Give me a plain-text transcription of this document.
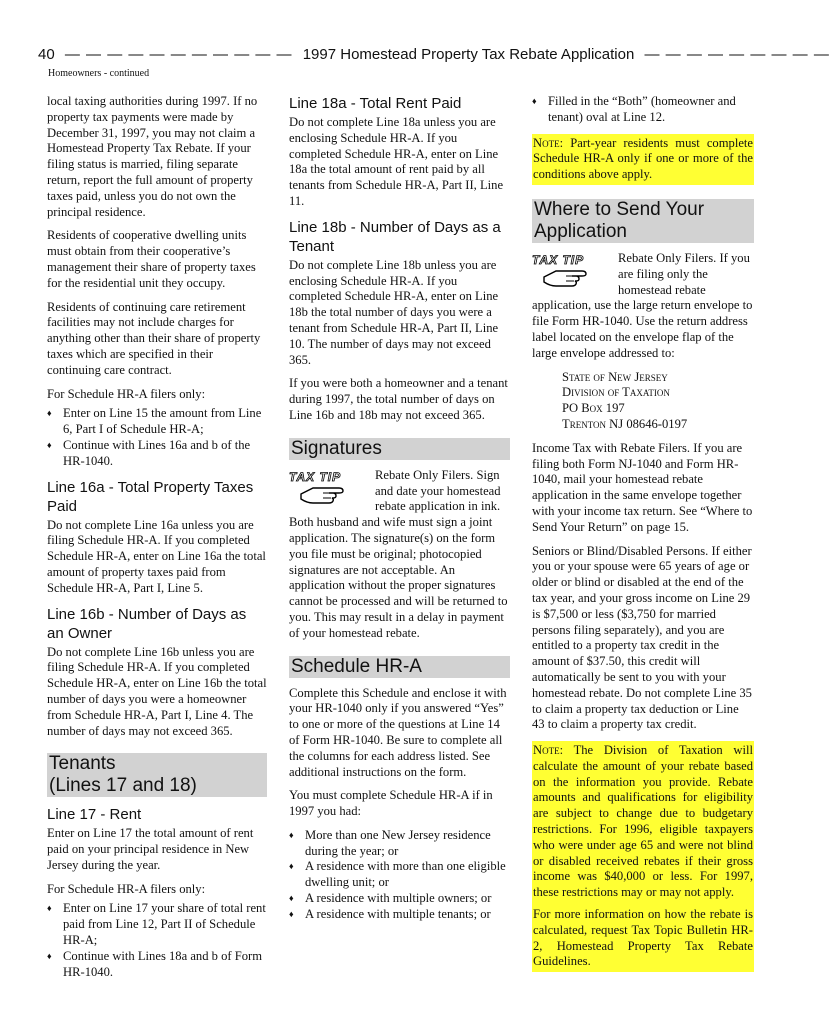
40 — — — — — — — — — — — 1997 Homestead Property Tax Rebate Application — — — — — — — — —
Homeowners - continued

local taxing authorities during 1997. If no property tax payments were made by December 31, 1997, you may not claim a Homestead Property Tax Rebate. If your filing status is married, filing separate return, report the full amount of property taxes paid, unless you do not own the principal residence.

Residents of cooperative dwelling units must obtain from their cooperative’s management their share of property taxes for the residential unit they occupy.

Residents of continuing care retirement facilities may not include charges for anything other than their share of property taxes which are specified in their continuing care contract.

For Schedule HR-A filers only:

♦ Enter on Line 15 the amount from Line 6, Part I of Schedule HR-A;
♦ Continue with Lines 16a and b of the HR-1040.
Line 16a - Total Property Taxes Paid

Do not complete Line 16a unless you are filing Schedule HR-A. If you completed Schedule HR-A, enter on Line 16a the total amount of property taxes paid from Schedule HR-A, Part I, Line 5.

Line 16b - Number of Days as an Owner

Do not complete Line 16b unless you are filing Schedule HR-A. If you completed Schedule HR-A, enter on Line 16b the total number of days you were a homeowner from Schedule HR-A, Part I, Line 4. The number of days may not exceed 365.

Tenants
(Lines 17 and 18)
Line 17 - Rent

Enter on Line 17 the total amount of rent paid on your principal residence in New Jersey during the year.

For Schedule HR-A filers only:

♦ Enter on Line 17 your share of total rent paid from Line 12, Part II of Schedule HR-A;
♦ Continue with Lines 18a and b of Form HR-1040.
Line 18a - Total Rent Paid

Do not complete Line 18a unless you are enclosing Schedule HR-A. If you completed Schedule HR-A, enter on Line 18a the total amount of rent paid by all tenants from Schedule HR-A, Part II, Line 11.

Line 18b - Number of Days as a Tenant

Do not complete Line 18b unless you are enclosing Schedule HR-A. If you completed Schedule HR-A, enter on Line 18b the total number of days you were a tenant from Schedule HR-A, Part II, Line 10. The number of days may not exceed 365.

If you were both a homeowner and a tenant during 1997, the total number of days on Line 16b and 18b may not exceed 365.

Signatures

TAX TIP	Rebate Only Filers. Sign and date your homestead rebate application in ink. Both husband and wife must sign a joint application. The signature(s) on the form you file must be original; photocopied signatures are not acceptable. An application without the proper signatures cannot be processed and will be returned to you. This may result in a delay in payment of your homestead rebate.

Schedule HR-A

Complete this Schedule and enclose it with your HR-1040 only if you answered “Yes” to one or more of the questions at Line 14 of Form HR-1040. Be sure to complete all the columns for each address listed. See additional instructions on the form.

You must complete Schedule HR-A if in 1997 you had:

♦ More than one New Jersey residence during the year; or
♦ A residence with more than one eligible dwelling unit; or
♦ A residence with multiple owners; or
♦ A residence with multiple tenants; or
♦ Filled in the “Both” (homeowner and tenant) oval at Line 12.

Note: Part-year residents must complete Schedule HR-A only if one or more of the conditions above apply.

Where to Send Your
Application

TAX TIP	Rebate Only Filers. If you are filing only the homestead rebate application, use the large return envelope to file Form HR-1040. Use the return address label located on the envelope flap of the large envelope addressed to:

State of New Jersey
Division of Taxation
PO Box 197
Trenton NJ 08646-0197

Income Tax with Rebate Filers. If you are filing both Form NJ-1040 and Form HR-1040, mail your homestead rebate application in the same envelope together with your income tax return. See “Where to Send Your Return” on page 15.

Seniors or Blind/Disabled Persons. If either you or your spouse were 65 years of age or older or blind or disabled at the end of the tax year, and your gross income on Line 29 is $7,500 or less ($3,750 for married persons filing separately), and you are entitled to a property tax credit in the amount of $37.50, this credit will automatically be sent to you with your homestead rebate. Do not complete Line 35 to claim a property tax deduction or Line 43 to claim a property tax credit.

Note: The Division of Taxation will calculate the amount of your rebate based on the information you provide. Rebate amounts and qualifications for eligibility are subject to change due to budgetary restrictions. For 1996, eligible taxpayers who were under age 65 and were not blind or disabled received rebates if their gross income was $40,000 or less. For 1997, these restrictions may or may not apply.

For more information on how the rebate is calculated, request Tax Topic Bulletin HR-2, Homestead Property Tax Rebate Guidelines.
